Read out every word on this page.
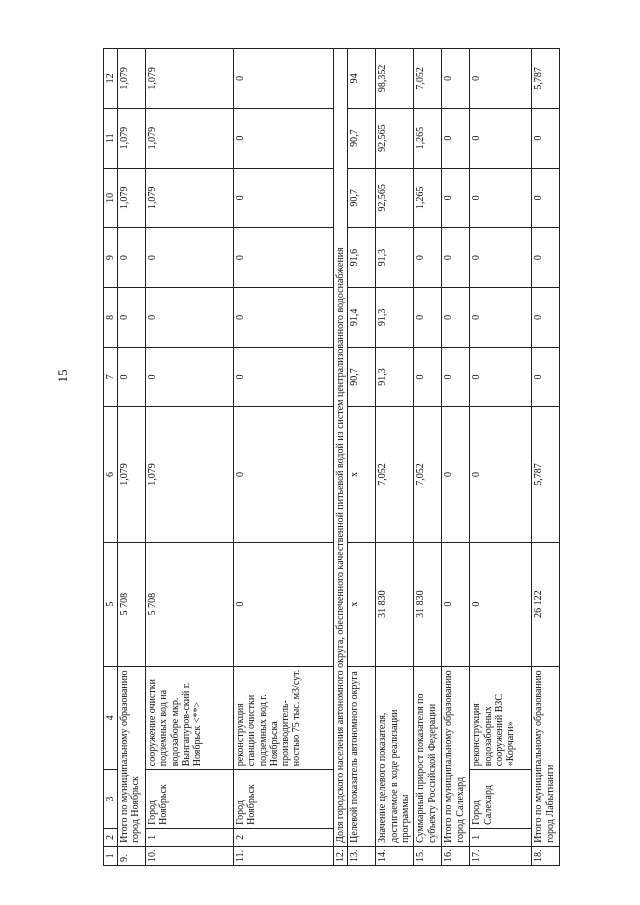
15
1	2	3	4	5	6	7	8	9	10	11	12
9.	Итого по муниципальному образованию город Ноябрьск			5 708	1,079	0	0	0	1,079	1,079	1,079
10.	1	Город Ноябрьск	сооружение очистки подземных вод на водозаборе мкр. Вынгапуров-ский г. Ноябрьск <**>	5 708	1,079	0	0	0	1,079	1,079	1,079
11.	2	Город Ноябрьск	реконструкция станции очистки подземных вод г. Ноябрьска производитель-ностью 75 тыс. м3/сут.	0	0	0	0	0	0	0	0
12.	Доля городского населения автономного округа, обеспеченного качественной питьевой водой из систем централизованного водоснабжения										
13.	Целевой показатель автономного округа			x	x	90,7	91,4	91,6	90,7	90,7	94
14.	Значение целевого показателя, достигаемое в ходе реализации программы			31 830	7,052	91,3	91,3	91,3	92,565	92,565	98,352
15.	Суммарный прирост показателя по субъекту Российской Федерации			31 830	7,052	0	0	0	1,265	1,265	7,052
16.	Итого по муниципальному образованию город Салехард			0	0	0	0	0	0	0	0
17.	1	Город Салехард	реконструкция водозаборных сооружений ВЗС «Корчаги»	0	0	0	0	0	0	0	0
18.	Итого по муниципальному образованию город Лабытнанги			26 122	5,787	0	0	0	0	0	5,787
